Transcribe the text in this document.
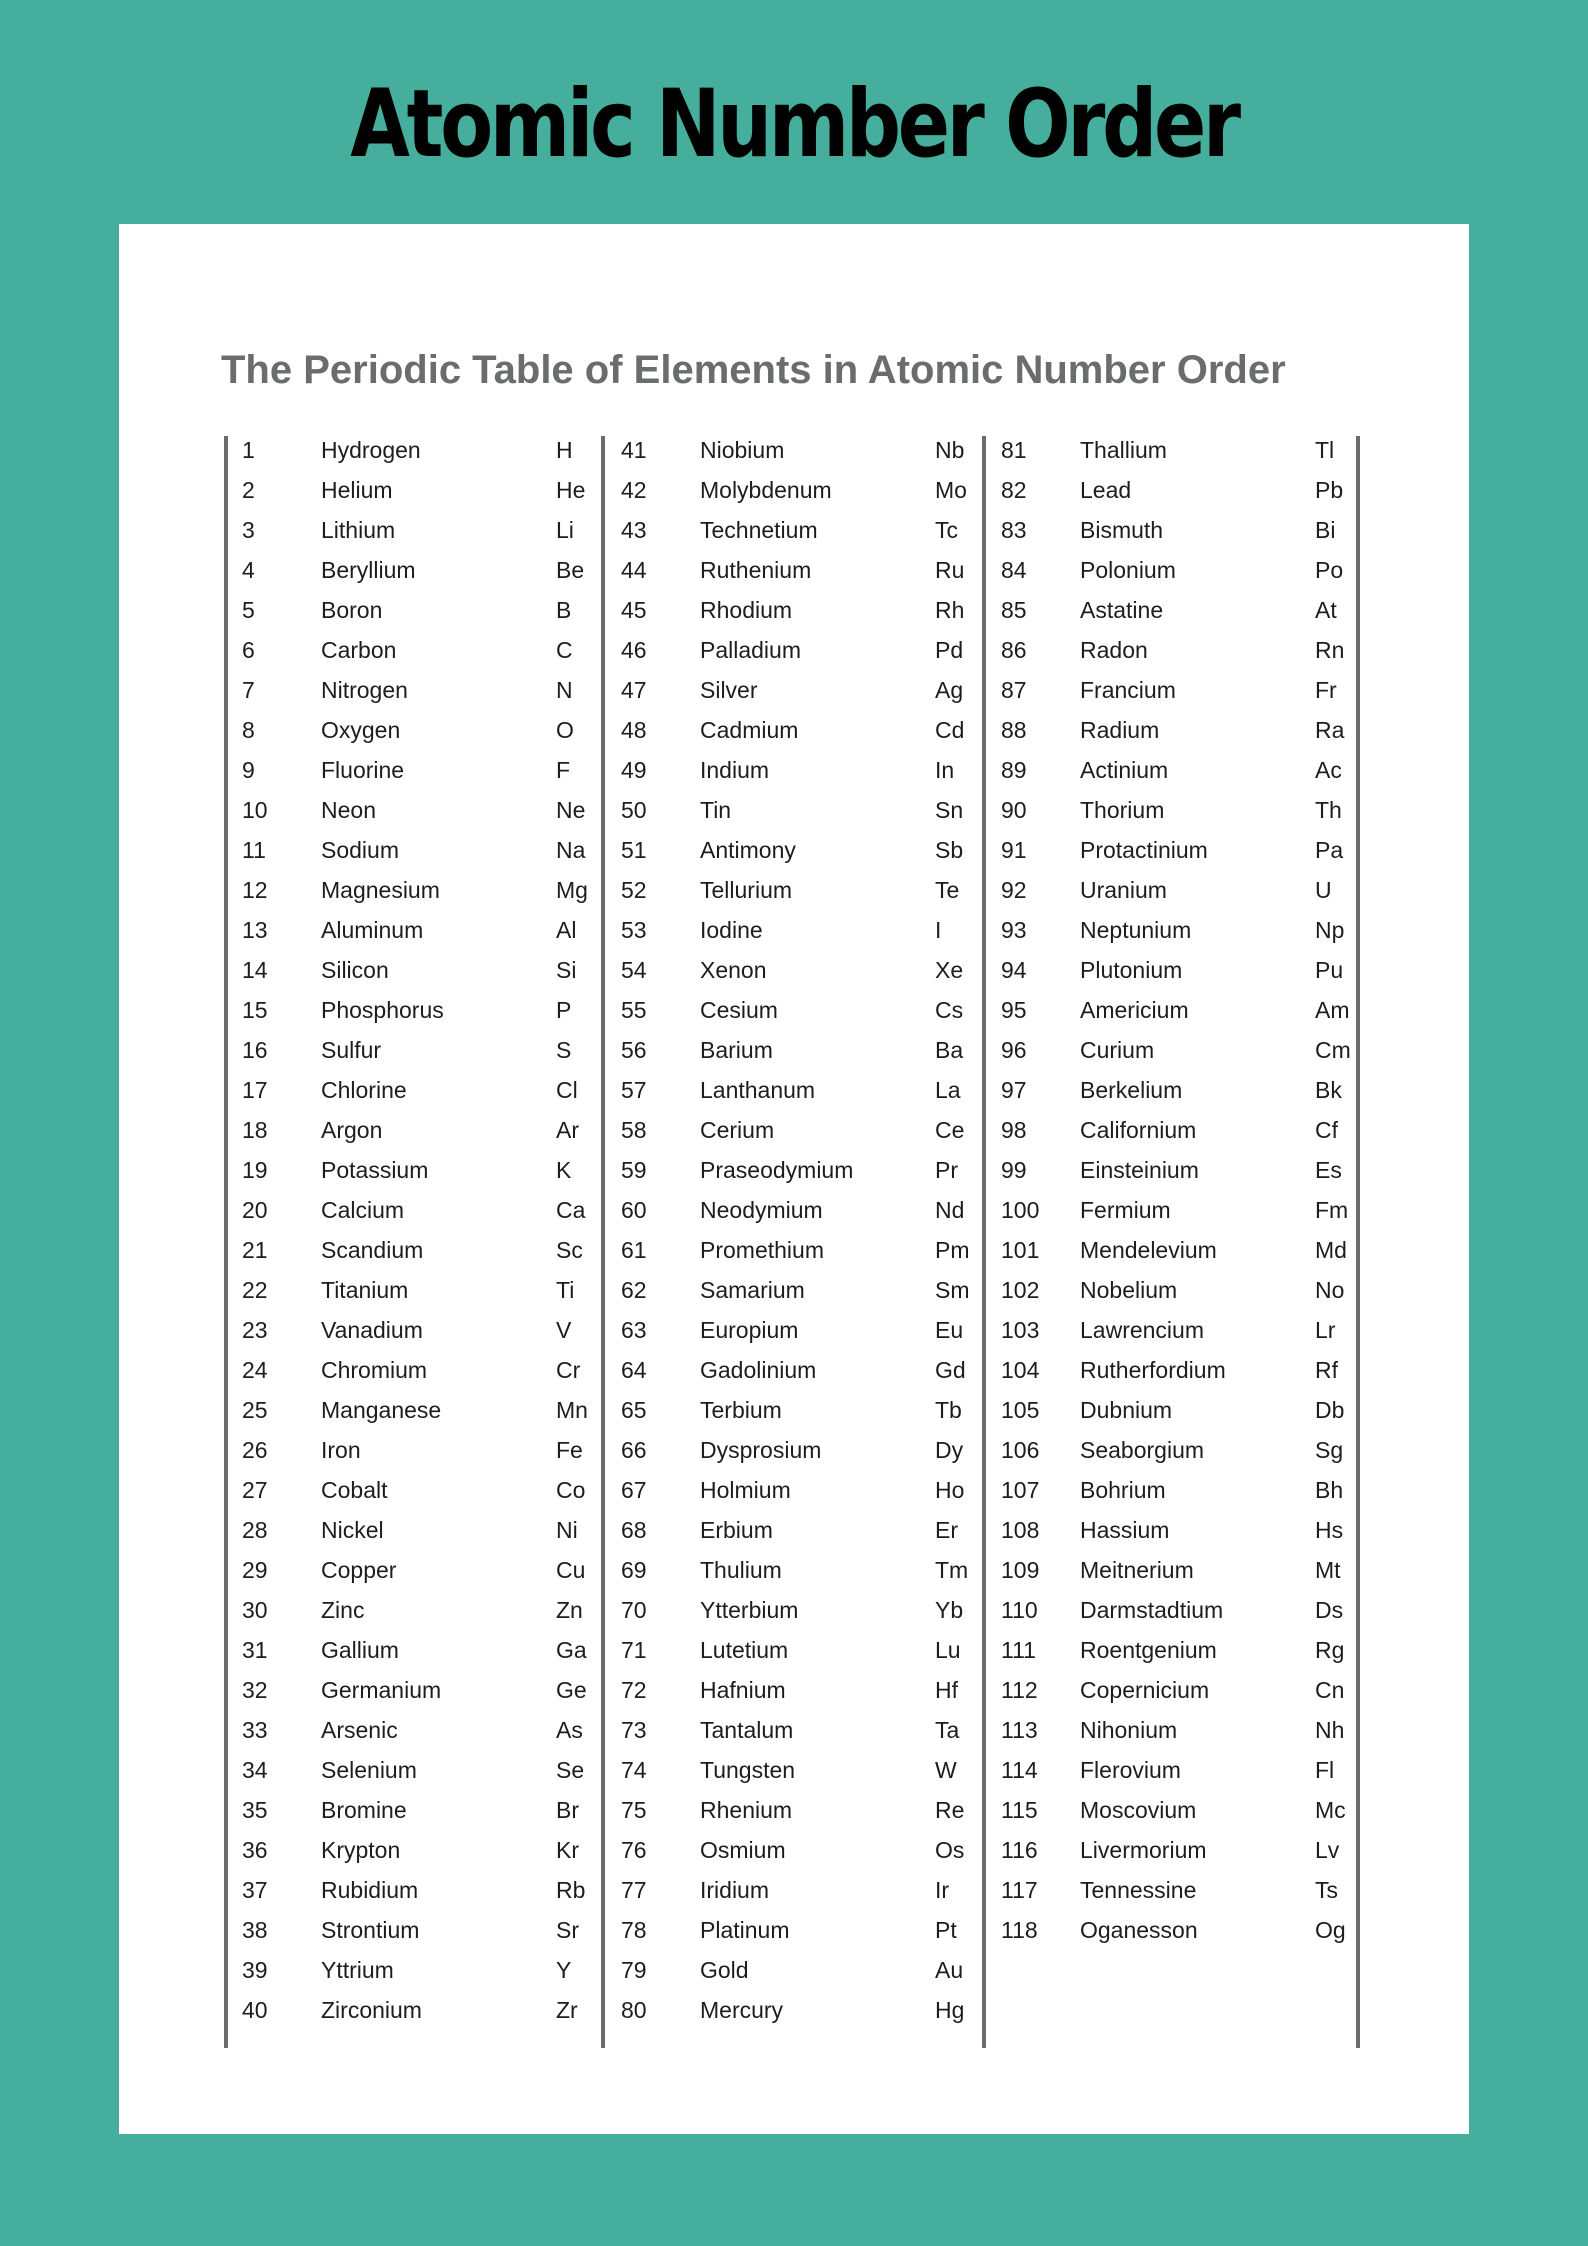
Atomic Number Order
The Periodic Table of Elements in Atomic Number Order
1	Hydrogen	H
2	Helium	He
3	Lithium	Li
4	Beryllium	Be
5	Boron	B
6	Carbon	C
7	Nitrogen	N
8	Oxygen	O
9	Fluorine	F
10 Neon	Ne
11 Sodium	Na
12 Magnesium	Mg
13 Aluminum	Al
14 Silicon	Si
15 Phosphorus	P
16 Sulfur	S
17 Chlorine	Cl
18 Argon	Ar
19 Potassium	K
20 Calcium	Ca
21 Scandium	Sc
22 Titanium	Ti
23 Vanadium	V
24 Chromium	Cr
25 Manganese	Mn
26 Iron	Fe
27 Cobalt	Co
28 Nickel	Ni
29 Copper	Cu
30 Zinc	Zn
31 Gallium	Ga
32 Germanium	Ge
33 Arsenic	As
34 Selenium	Se
35 Bromine	Br
36 Krypton	Kr
37 Rubidium	Rb
38 Strontium	Sr
39 Yttrium	Y
40 Zirconium	Zr
41 Niobium	Nb
42 Molybdenum	Mo
43 Technetium	Tc
44 Ruthenium	Ru
45 Rhodium	Rh
46 Palladium	Pd
47 Silver	Ag
48 Cadmium	Cd
49 Indium	In
50 Tin	Sn
51 Antimony	Sb
52 Tellurium	Te
53 Iodine	I
54 Xenon	Xe
55 Cesium	Cs
56 Barium	Ba
57 Lanthanum	La
58 Cerium	Ce
59 Praseodymium	Pr
60 Neodymium	Nd
61 Promethium	Pm
62 Samarium	Sm
63 Europium	Eu
64 Gadolinium	Gd
65 Terbium	Tb
66 Dysprosium	Dy
67 Holmium	Ho
68 Erbium	Er
69 Thulium	Tm
70 Ytterbium	Yb
71 Lutetium	Lu
72 Hafnium	Hf
73 Tantalum	Ta
74 Tungsten	W
75 Rhenium	Re
76 Osmium	Os
77 Iridium	Ir
78 Platinum	Pt
79 Gold	Au
80 Mercury	Hg
81 Thallium	Tl
82 Lead	Pb
83 Bismuth	Bi
84 Polonium	Po
85 Astatine	At
86 Radon	Rn
87 Francium	Fr
88 Radium	Ra
89 Actinium	Ac
90 Thorium	Th
91 Protactinium	Pa
92 Uranium	U
93 Neptunium	Np
94 Plutonium	Pu
95 Americium	Am
96 Curium	Cm
97 Berkelium	Bk
98 Californium	Cf
99 Einsteinium	Es
100 Fermium	Fm
101 Mendelevium	Md
102 Nobelium	No
103 Lawrencium	Lr
104 Rutherfordium	Rf
105 Dubnium	Db
106 Seaborgium	Sg
107 Bohrium	Bh
108 Hassium	Hs
109 Meitnerium	Mt
110 Darmstadtium	Ds
111 Roentgenium	Rg
112 Copernicium	Cn
113 Nihonium	Nh
114 Flerovium	Fl
115 Moscovium	Mc
116 Livermorium	Lv
117 Tennessine	Ts
118 Oganesson	Og
